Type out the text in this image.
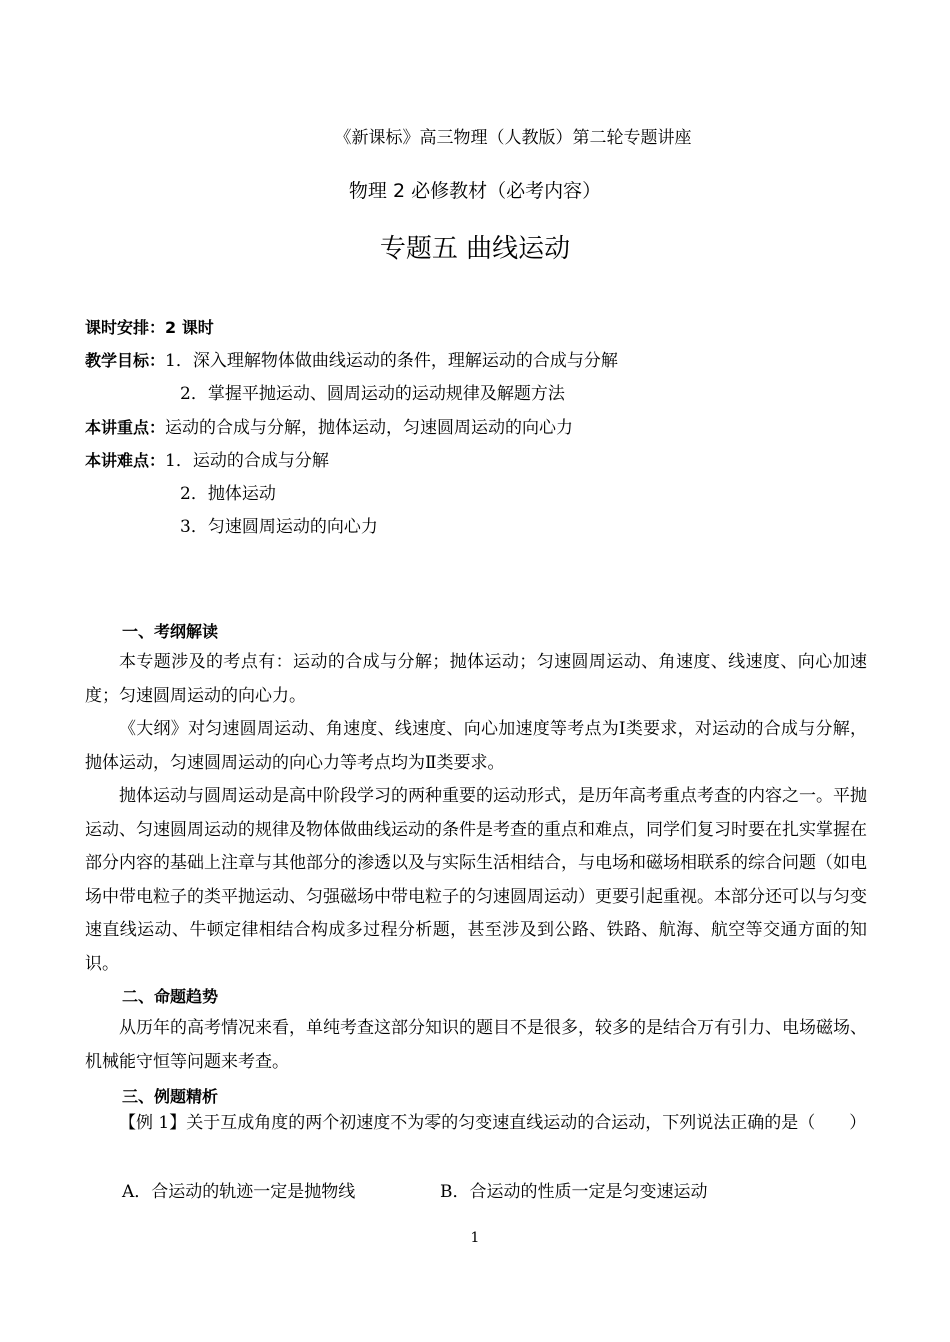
《新课标》高三物理（人教版）第二轮专题讲座
物理 2 必修教材（必考内容）
专题五 曲线运动
课时安排：2 课时
教学目标：1．深入理解物体做曲线运动的条件，理解运动的合成与分解
2．掌握平抛运动、圆周运动的运动规律及解题方法
本讲重点：运动的合成与分解，抛体运动，匀速圆周运动的向心力
本讲难点：1．运动的合成与分解
2．抛体运动
3．匀速圆周运动的向心力
一、考纲解读

本专题涉及的考点有：运动的合成与分解；抛体运动；匀速圆周运动、角速度、线速度、向心加速度；匀速圆周运动的向心力。

《大纲》对匀速圆周运动、角速度、线速度、向心加速度等考点为Ⅰ类要求，对运动的合成与分解，抛体运动，匀速圆周运动的向心力等考点均为Ⅱ类要求。

抛体运动与圆周运动是高中阶段学习的两种重要的运动形式，是历年高考重点考查的内容之一。平抛运动、匀速圆周运动的规律及物体做曲线运动的条件是考查的重点和难点，同学们复习时要在扎实掌握在部分内容的基础上注章与其他部分的渗透以及与实际生活相结合，与电场和磁场相联系的综合问题（如电场中带电粒子的类平抛运动、匀强磁场中带电粒子的匀速圆周运动）更要引起重视。本部分还可以与匀变速直线运动、牛顿定律相结合构成多过程分析题，甚至涉及到公路、铁路、航海、航空等交通方面的知识。

二、命题趋势

从历年的高考情况来看，单纯考查这部分知识的题目不是很多，较多的是结合万有引力、电场磁场、机械能守恒等问题来考查。

三、例题精析

【例 1】关于互成角度的两个初速度不为零的匀变速直线运动的合运动，下列说法正确的是（　　）

A．合运动的轨迹一定是抛物线	B．合运动的性质一定是匀变速运动
1
